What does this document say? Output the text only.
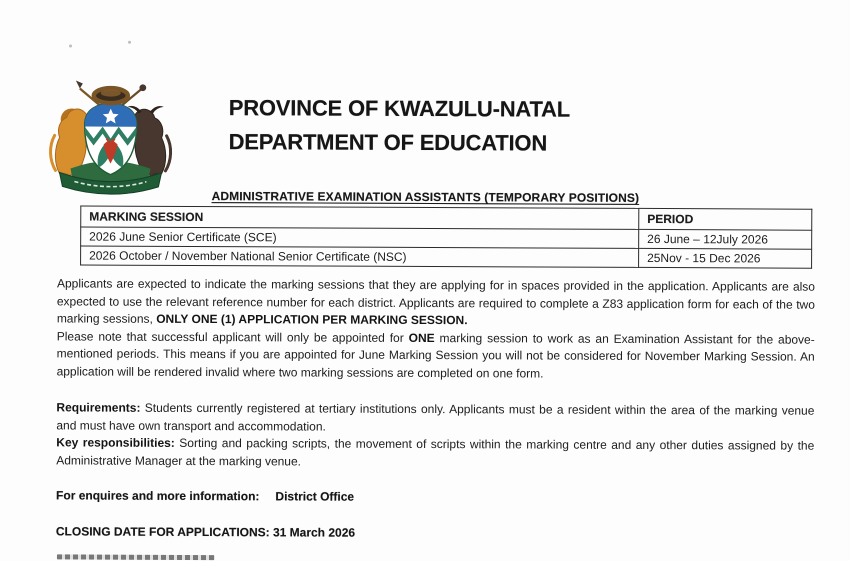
PROVINCE OF KWAZULU-NATAL
DEPARTMENT OF EDUCATION
ADMINISTRATIVE EXAMINATION ASSISTANTS (TEMPORARY POSITIONS)
MARKING SESSION	PERIOD
2026 June Senior Certificate (SCE)	26 June – 12July 2026
2026 October / November National Senior Certificate (NSC)	25Nov - 15 Dec 2026

Applicants are expected to indicate the marking sessions that they are applying for in spaces provided in the application. Applicants are also expected to use the relevant reference number for each district. Applicants are required to complete a Z83 application form for each of the two marking sessions, ONLY ONE (1) APPLICATION PER MARKING SESSION.

Please note that successful applicant will only be appointed for ONE marking session to work as an Examination Assistant for the above-mentioned periods. This means if you are appointed for June Marking Session you will not be considered for November Marking Session. An application will be rendered invalid where two marking sessions are completed on one form.

Requirements: Students currently registered at tertiary institutions only. Applicants must be a resident within the area of the marking venue and must have own transport and accommodation.

Key responsibilities: Sorting and packing scripts, the movement of scripts within the marking centre and any other duties assigned by the Administrative Manager at the marking venue.

For enquires and more information: District Office
CLOSING DATE FOR APPLICATIONS: 31 March 2026
